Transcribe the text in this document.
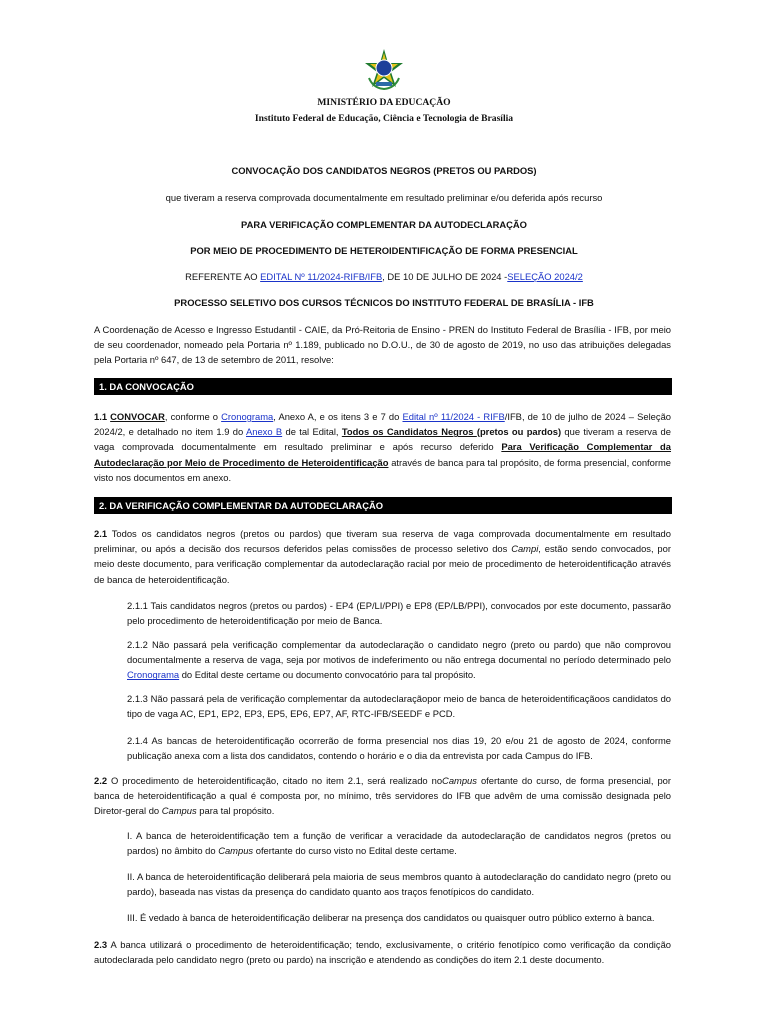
MINISTÉRIO DA EDUCAÇÃO
Instituto Federal de Educação, Ciência e Tecnologia de Brasília
CONVOCAÇÃO DOS CANDIDATOS NEGROS (PRETOS OU PARDOS)
que tiveram a reserva comprovada documentalmente em resultado preliminar e/ou deferida após recurso
PARA VERIFICAÇÃO COMPLEMENTAR DA AUTODECLARAÇÃO
POR MEIO DE PROCEDIMENTO DE HETEROIDENTIFICAÇÃO DE FORMA PRESENCIAL
REFERENTE AO EDITAL Nº 11/2024-RIFB/IFB, DE 10 DE JULHO DE 2024 -SELEÇÃO 2024/2
PROCESSO SELETIVO DOS CURSOS TÉCNICOS DO INSTITUTO FEDERAL DE BRASÍLIA - IFB
A Coordenação de Acesso e Ingresso Estudantil - CAIE, da Pró-Reitoria de Ensino - PREN do Instituto Federal de Brasília - IFB, por meio de seu coordenador, nomeado pela Portaria nº 1.189, publicado no D.O.U., de 30 de agosto de 2019, no uso das atribuições delegadas pela Portaria nº 647, de 13 de setembro de 2011, resolve:
1. DA CONVOCAÇÃO
1.1 CONVOCAR, conforme o Cronograma, Anexo A, e os itens 3 e 7 do Edital nº 11/2024 - RIFB/IFB, de 10 de julho de 2024 – Seleção 2024/2, e detalhado no item 1.9 do Anexo B de tal Edital, Todos os Candidatos Negros (pretos ou pardos) que tiveram a reserva de vaga comprovada documentalmente em resultado preliminar e após recurso deferido Para Verificação Complementar da Autodeclaração por Meio de Procedimento de Heteroidentificação através de banca para tal propósito, de forma presencial, conforme visto nos documentos em anexo.
2. DA VERIFICAÇÃO COMPLEMENTAR DA AUTODECLARAÇÃO
2.1 Todos os candidatos negros (pretos ou pardos) que tiveram sua reserva de vaga comprovada documentalmente em resultado preliminar, ou após a decisão dos recursos deferidos pelas comissões de processo seletivo dos Campi, estão sendo convocados, por meio deste documento, para verificação complementar da autodeclaração racial por meio de procedimento de heteroidentificação através de banca de heteroidentificação.
2.1.1 Tais candidatos negros (pretos ou pardos) - EP4 (EP/LI/PPI) e EP8 (EP/LB/PPI), convocados por este documento, passarão pelo procedimento de heteroidentificação por meio de Banca.
2.1.2 Não passará pela verificação complementar da autodeclaração o candidato negro (preto ou pardo) que não comprovou documentalmente a reserva de vaga, seja por motivos de indeferimento ou não entrega documental no período determinado pelo Cronograma do Edital deste certame ou documento convocatório para tal propósito.
2.1.3 Não passará pela de verificação complementar da autodeclaraçãopor meio de banca de heteroidentificaçãoos candidatos do tipo de vaga AC, EP1, EP2, EP3, EP5, EP6, EP7, AF, RTC-IFB/SEEDF e PCD.
2.1.4 As bancas de heteroidentificação ocorrerão de forma presencial nos dias 19, 20 e/ou 21 de agosto de 2024, conforme publicação anexa com a lista dos candidatos, contendo o horário e o dia da entrevista por cada Campus do IFB.
2.2 O procedimento de heteroidentificação, citado no item 2.1, será realizado noCampus ofertante do curso, de forma presencial, por banca de heteroidentificação a qual é composta por, no mínimo, três servidores do IFB que advêm de uma comissão designada pelo Diretor-geral do Campus para tal propósito.
I. A banca de heteroidentificação tem a função de verificar a veracidade da autodeclaração de candidatos negros (pretos ou pardos) no âmbito do Campus ofertante do curso visto no Edital deste certame.
II. A banca de heteroidentificação deliberará pela maioria de seus membros quanto à autodeclaração do candidato negro (preto ou pardo), baseada nas vistas da presença do candidato quanto aos traços fenotípicos do candidato.
III. É vedado à banca de heteroidentificação deliberar na presença dos candidatos ou quaisquer outro público externo à banca.
2.3 A banca utilizará o procedimento de heteroidentificação; tendo, exclusivamente, o critério fenotípico como verificação da condição autodeclarada pelo candidato negro (preto ou pardo) na inscrição e atendendo as condições do item 2.1 deste documento.
